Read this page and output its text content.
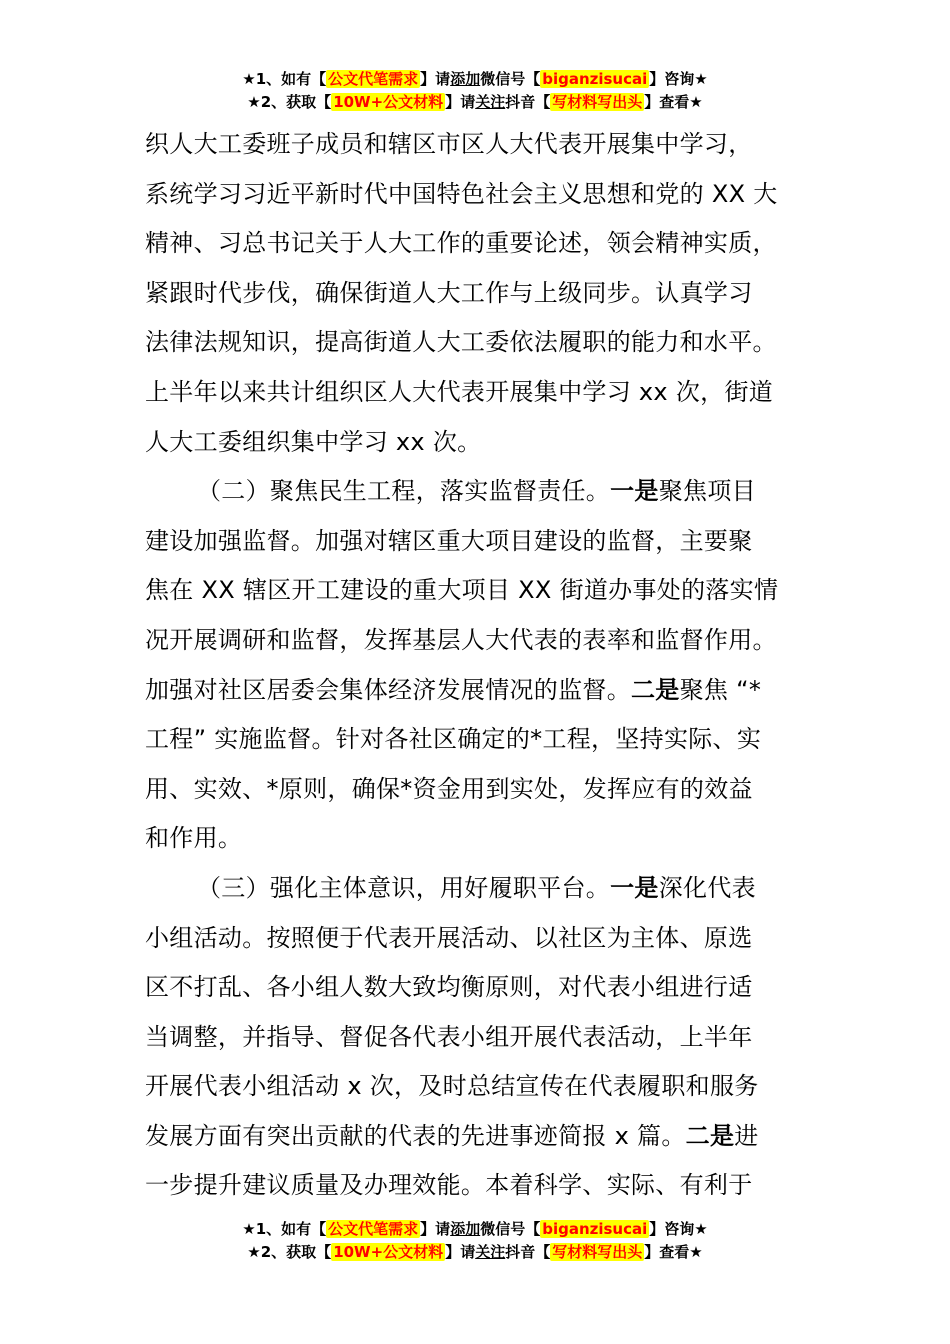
★1、如有【 公文代笔需求 】请添加微信号【 biganzisucai 】咨询★
★2、获取【 10W+公文材料 】请关注抖音【 写材料写出头 】查看★
织人大工委班子成员和辖区市区人大代表开展集中学习，
系统学习习近平新时代中国特色社会主义思想和党的 XX 大
精神、习总书记关于人大工作的重要论述，领会精神实质，
紧跟时代步伐，确保街道人大工作与上级同步。认真学习
法律法规知识，提高街道人大工委依法履职的能力和水平。
上半年以来共计组织区人大代表开展集中学习 xx 次，街道
人大工委组织集中学习 xx 次。
（二）聚焦民生工程，落实监督责任。一是聚焦项目
建设加强监督。加强对辖区重大项目建设的监督，主要聚
焦在 XX 辖区开工建设的重大项目 XX 街道办事处的落实情
况开展调研和监督，发挥基层人大代表的表率和监督作用。
加强对社区居委会集体经济发展情况的监督。二是聚焦 “*
工程” 实施监督。针对各社区确定的*工程，坚持实际、实
用、实效、*原则，确保*资金用到实处，发挥应有的效益
和作用。
（三）强化主体意识，用好履职平台。一是深化代表
小组活动。按照便于代表开展活动、以社区为主体、原选
区不打乱、各小组人数大致均衡原则，对代表小组进行适
当调整，并指导、督促各代表小组开展代表活动，上半年
开展代表小组活动 x 次，及时总结宣传在代表履职和服务
发展方面有突出贡献的代表的先进事迹简报 x 篇。二是进
一步提升建议质量及办理效能。本着科学、实际、有利于
★1、如有【 公文代笔需求 】请添加微信号【 biganzisucai 】咨询★
★2、获取【 10W+公文材料 】请关注抖音【 写材料写出头 】查看★
